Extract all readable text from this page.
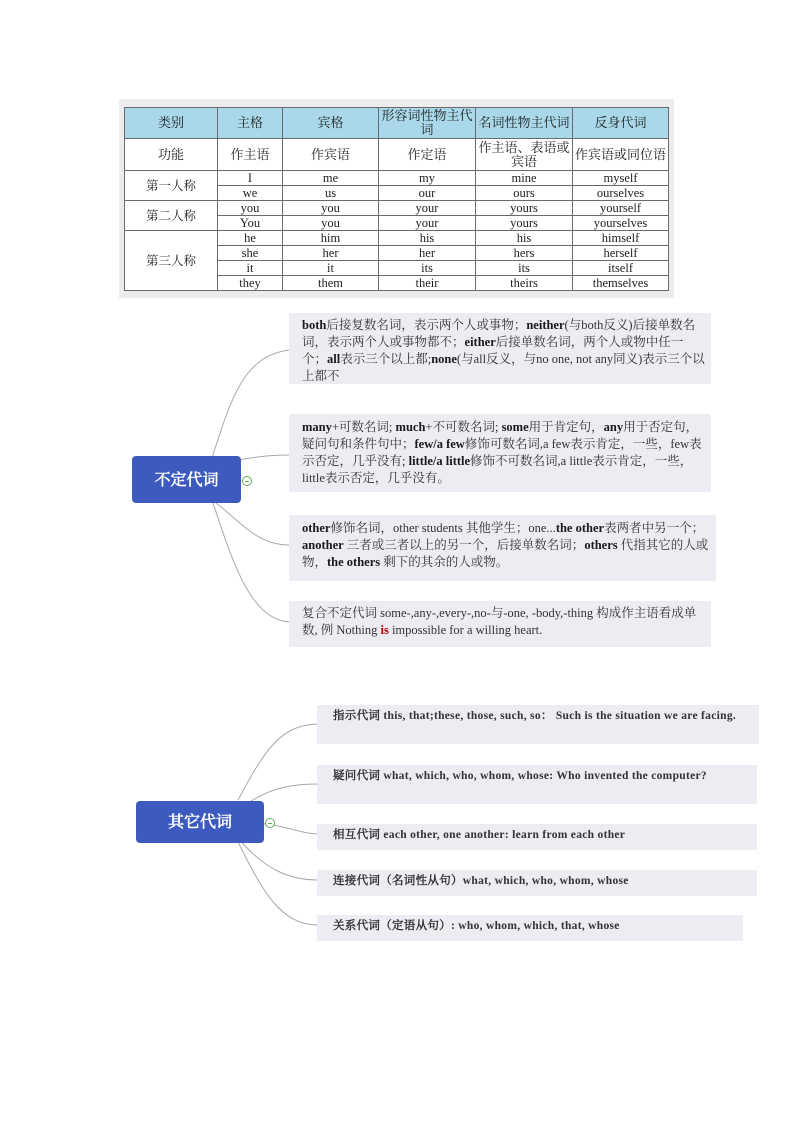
类别	主格	宾格	形容词性物主代词	名词性物主代词	反身代词
功能	作主语	作宾语	作定语	作主语、表语或宾语	作宾语或同位语
第一人称	I	me	my	mine	myself
	we	us	our	ours	ourselves
第二人称	you	you	your	yours	yourself
	You	you	your	yours	yourselves
第三人称	he	him	his	his	himself
	she	her	her	hers	herself
	it	it	its	its	itself
	they	them	their	theirs	themselves
不定代词
both后接复数名词，表示两个人或事物；neither(与both反义)后接单数名词，表示两个人或事物都不；either后接单数名词，两个人或物中任一个；all表示三个以上都;none(与all反义，与no one, not any同义)表示三个以上都不
many+可数名词; much+不可数名词; some用于肯定句，any用于否定句，疑问句和条件句中；few/a few修饰可数名词,a few表示肯定，一些，few表示否定，几乎没有; little/a little修饰不可数名词,a little表示肯定，一些，little表示否定，几乎没有。
other修饰名词，other students 其他学生；one...the other表两者中另一个；another 三者或三者以上的另一个，后接单数名词；others 代指其它的人或物，the others 剩下的其余的人或物。
复合不定代词 some-,any-,every-,no-与-one, -body,-thing 构成作主语看成单数, 例 Nothing is impossible for a willing heart.
其它代词
指示代词 this, that;these, those, such, so： Such is the situation we are facing.
疑问代词 what, which, who, whom, whose: Who invented the computer?
相互代词 each other, one another: learn from each other
连接代词（名词性从句）what, which, who, whom, whose
关系代词（定语从句）: who, whom, which, that, whose
